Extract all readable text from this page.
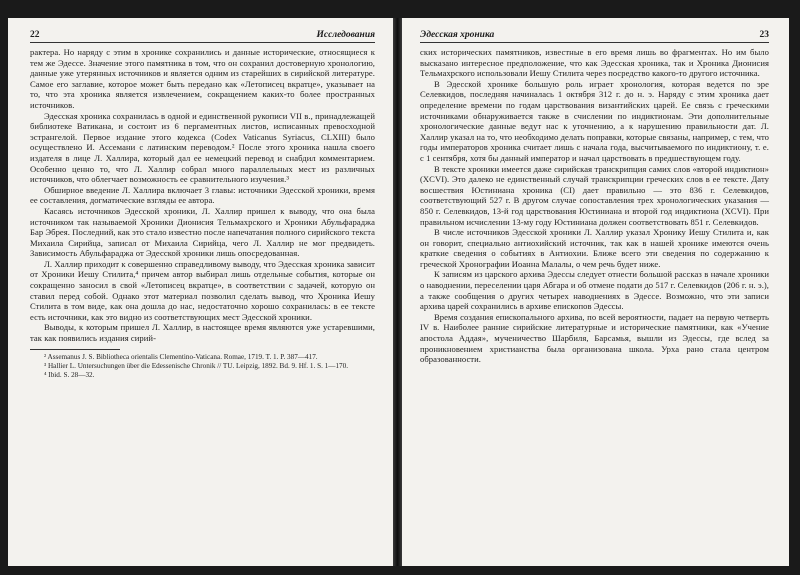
22	Исследования

рактера. Но наряду с этим в хронике сохранились и данные исторические, относящиеся к тем же Эдессе. Значение этого памятника в том, что он сохранил достоверную хронологию, данные уже утерянных источников и является одним из старейших в сирийской литературе. Самое его заглавие, которое может быть передано как «Летописец вкратце», указывает на то, что эта хроника является извлечением, сокращением каких-то более пространных источников.

Эдесская хроника сохранилась в одной и единственной рукописи VII в., принадлежащей библиотеке Ватикана, и состоит из 6 пергаментных листов, исписанных превосходной эстрангелой. Первое издание этого кодекса (Codex Vaticanus Syriacus, CLXIII) было осуществлено И. Ассемани с латинским переводом.² После этого хроника нашла своего издателя в лице Л. Халлира, который дал ее немецкий перевод и снабдил комментарием. Особенно ценно то, что Л. Халлир собрал много параллельных мест из различных источников, что облегчает возможность ее сравнительного изучения.³

Обширное введение Л. Халлира включает 3 главы: источники Эдесской хроники, время ее составления, догматические взгляды ее автора.

Касаясь источников Эдесской хроники, Л. Халлир пришел к выводу, что она была источником так называемой Хроники Дионисия Тельмахрского и Хроники Абульфараджа Бар Эбрея. Последний, как это стало известно после напечатания полного сирийского текста Михаила Сирийца, записал от Михаила Сирийца, чего Л. Халлир не мог предвидеть. Зависимость Абульфараджа от Эдесской хроники лишь опосредованная.

Л. Халлир приходит к совершенно справедливому выводу, что Эдесская хроника зависит от Хроники Иешу Стилита,⁴ причем автор выбирал лишь отдельные события, которые он сокращенно заносил в свой «Летописец вкратце», в соответствии с задачей, которую он ставил перед собой. Однако этот материал позволил сделать вывод, что Хроника Иешу Стилита в том виде, как она дошла до нас, недостаточно хорошо сохранилась: в ее тексте есть источники, как это видно из соответствующих мест Эдесской хроники.

Выводы, к которым пришел Л. Халлир, в настоящее время являются уже устаревшими, так как появились издания сирий-

² Assemanus J. S. Bibliotheca orientalis Clementino-Vaticana. Romae, 1719. T. 1. P. 387—417.

³ Hallier L. Untersuchungen über die Edessenische Chronik // TU. Leipzig, 1892. Bd. 9. Hf. 1. S. 1—170.

⁴ Ibid. S. 28—32.

Эдесская хроника	23

ских исторических памятников, известные в его время лишь во фрагментах. Но им было высказано интересное предположение, что как Эдесская хроника, так и Хроника Дионисия Тельмахрского использовали Иешу Стилита через посредство какого-то другого источника.

В Эдесской хронике большую роль играет хронология, которая ведется по эре Селевкидов, последняя начиналась 1 октября 312 г. до н. э. Наряду с этим хроника дает определение времени по годам царствования византийских царей. Ее связь с греческими источниками обнаруживается также в счислении по индиктионам. Эти дополнительные хронологические данные ведут нас к уточнению, а к нарушению правильности дат. Л. Халлир указал на то, что необходимо делать поправки, которые связаны, например, с тем, что годы императоров хроника считает лишь с начала года, высчитываемого по индиктиону, т. е. с 1 сентября, хотя бы данный император и начал царствовать в предшествующем году.

В тексте хроники имеется даже сирийская транскрипция самих слов «второй индиктион» (XCVI). Это далеко не единственный случай транскрипции греческих слов в ее тексте. Дату восшествия Юстиниана хроника (CI) дает правильно — это 836 г. Селевкидов, соответствующий 527 г. В другом случае сопоставления трех хронологических указания — 850 г. Селевкидов, 13-й год царствования Юстиниана и второй год индиктиона (XCVI). При правильном исчислении 13-му году Юстиниана должен соответствовать 851 г. Селевкидов.

В числе источников Эдесской хроники Л. Халлир указал Хронику Иешу Стилита и, как он говорит, специально антиохийский источник, так как в нашей хронике имеются очень краткие сведения о событиях в Антиохии. Ближе всего эти сведения по содержанию к греческой Хронографии Иоанна Малалы, о чем речь будет ниже.

К записям из царского архива Эдессы следует отнести большой рассказ в начале хроники о наводнении, переселении царя Абгара и об отмене подати до 517 г. Селевкидов (206 г. н. э.), а также сообщения о других четырех наводнениях в Эдессе. Возможно, что эти записи архива царей сохранились в архиве епископов Эдессы.

Время создания епископального архива, по всей вероятности, падает на первую четверть IV в. Наиболее ранние сирийские литературные и исторические памятники, как «Учение апостола Аддая», мученичество Шарбиля, Барсамья, вышли из Эдессы, где вслед за проникновением христианства была организована школа. Урха рано стала центром образованности.
